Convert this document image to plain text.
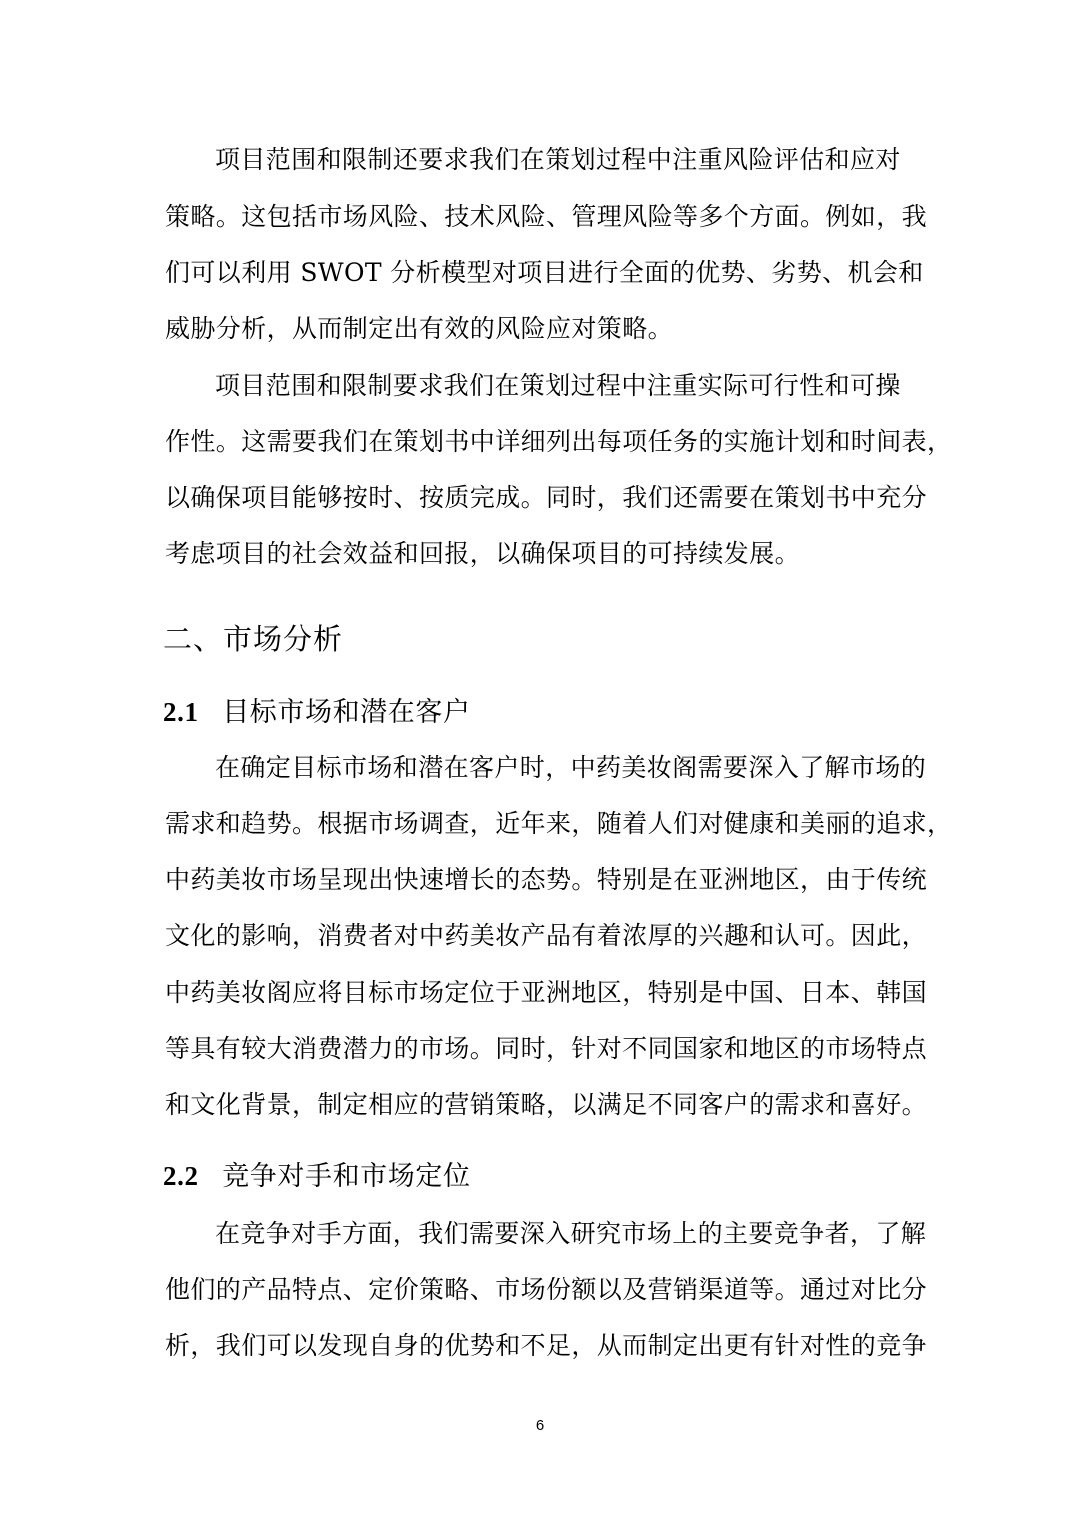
项目范围和限制还要求我们在策划过程中注重风险评估和应对
策略。这包括市场风险、技术风险、管理风险等多个方面。例如，我
们可以利用 SWOT 分析模型对项目进行全面的优势、劣势、机会和
威胁分析，从而制定出有效的风险应对策略。
项目范围和限制要求我们在策划过程中注重实际可行性和可操
作性。这需要我们在策划书中详细列出每项任务的实施计划和时间表，
以确保项目能够按时、按质完成。同时，我们还需要在策划书中充分
考虑项目的社会效益和回报，以确保项目的可持续发展。
二、市场分析
2.1 目标市场和潜在客户
在确定目标市场和潜在客户时，中药美妆阁需要深入了解市场的
需求和趋势。根据市场调查，近年来，随着人们对健康和美丽的追求，
中药美妆市场呈现出快速增长的态势。特别是在亚洲地区，由于传统
文化的影响，消费者对中药美妆产品有着浓厚的兴趣和认可。因此，
中药美妆阁应将目标市场定位于亚洲地区，特别是中国、日本、韩国
等具有较大消费潜力的市场。同时，针对不同国家和地区的市场特点
和文化背景，制定相应的营销策略，以满足不同客户的需求和喜好。
2.2 竞争对手和市场定位
在竞争对手方面，我们需要深入研究市场上的主要竞争者，了解
他们的产品特点、定价策略、市场份额以及营销渠道等。通过对比分
析，我们可以发现自身的优势和不足，从而制定出更有针对性的竞争
6
